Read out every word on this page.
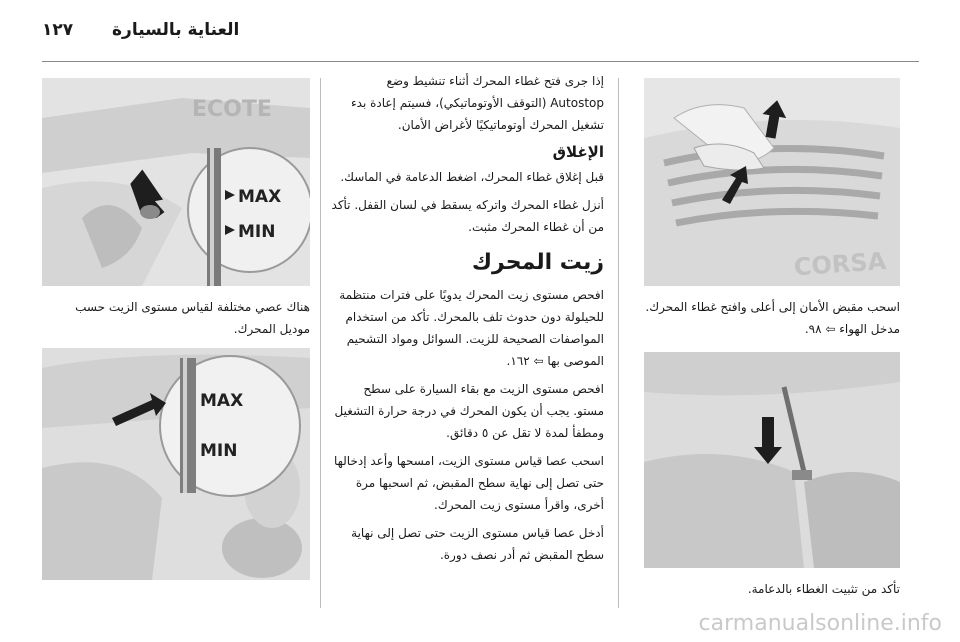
١٢٧ العناية بالسيارة
ECOTE
MAX
MIN
هناك عصي مختلفة لقياس مستوى الزيت حسب موديل المحرك.
MAX
MIN

إذا جرى فتح غطاء المحرك أثناء تنشيط وضع Autostop (التوقف الأوتوماتيكي)، فسيتم إعادة بدء تشغيل المحرك أوتوماتيكيًا لأغراض الأمان.

الإغلاق

قبل إغلاق غطاء المحرك، اضغط الدعامة في الماسك.

أنزل غطاء المحرك واتركه يسقط في لسان القفل. تأكد من أن غطاء المحرك مثبت.

زيت المحرك

افحص مستوى زيت المحرك يدويًا على فترات منتظمة للحيلولة دون حدوث تلف بالمحرك. تأكد من استخدام المواصفات الصحيحة للزيت. السوائل ومواد التشحيم الموصى بها ⇦ ١٦٢.

افحص مستوى الزيت مع بقاء السيارة على سطح مستو. يجب أن يكون المحرك في درجة حرارة التشغيل ومطفأ لمدة لا تقل عن ٥ دقائق.

اسحب عصا قياس مستوى الزيت، امسحها وأعد إدخالها حتى تصل إلى نهاية سطح المقبض، ثم اسحبها مرة أخرى، واقرأ مستوى زيت المحرك.

أدخل عصا قياس مستوى الزيت حتى تصل إلى نهاية سطح المقبض ثم أدر نصف دورة.

CORSA
اسحب مقبض الأمان إلى أعلى وافتح غطاء المحرك.
مدخل الهواء ⇦ ٩٨.
تأكد من تثبيت الغطاء بالدعامة.
carmanualsonline.info
